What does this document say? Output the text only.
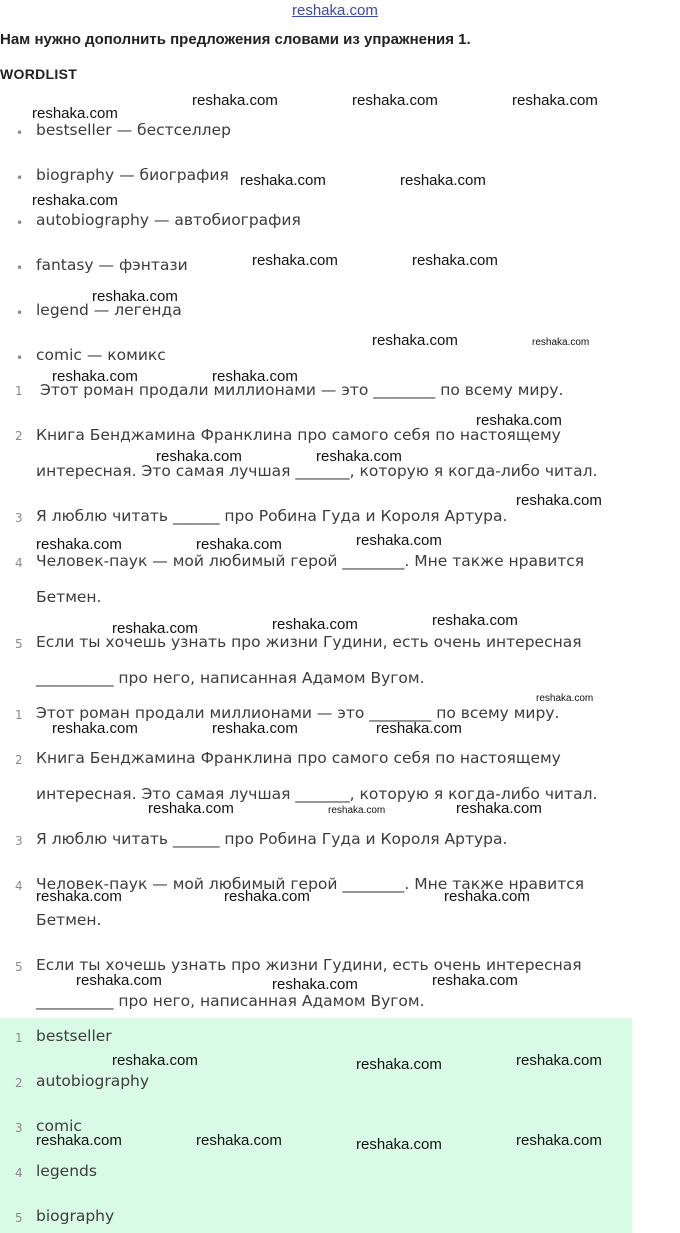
reshaka.com
Нам нужно дополнить предложения словами из упражнения 1.
WORDLIST
• bestseller — бестселлер
• biography — биография
• autobiography — автобиография
• fantasy — фэнтази
• legend — легенда
• comic — комикс
1 Этот роман продали миллионами — это ________ по всему миру.
2 Книга Бенджамина Франклина про самого себя по настоящему
интересная. Это самая лучшая _______, которую я когда-либо читал.
3 Я люблю читать ______ про Робина Гуда и Короля Артура.
4 Человек-паук — мой любимый герой ________. Мне также нравится
Бетмен.
5 Если ты хочешь узнать про жизни Гудини, есть очень интересная
__________ про него, написанная Адамом Вугом.
1 Этот роман продали миллионами — это ________ по всему миру.
2 Книга Бенджамина Франклина про самого себя по настоящему
интересная. Это самая лучшая _______, которую я когда-либо читал.
3 Я люблю читать ______ про Робина Гуда и Короля Артура.
4 Человек-паук — мой любимый герой ________. Мне также нравится
Бетмен.
5 Если ты хочешь узнать про жизни Гудини, есть очень интересная
__________ про него, написанная Адамом Вугом.
1 bestseller
2 autobiography
3 comic
4 legends
5 biography
reshaka.com
reshaka.com	reshaka.com	reshaka.com
reshaka.com	reshaka.com
reshaka.com
reshaka.com	reshaka.com
reshaka.com
reshaka.com	reshaka.com
reshaka.com	reshaka.com
reshaka.com
reshaka.com	reshaka.com
reshaka.com
reshaka.com
reshaka.com	reshaka.com
reshaka.com
reshaka.com
reshaka.com
reshaka.com
reshaka.com	reshaka.com	reshaka.com
reshaka.com	reshaka.com	reshaka.com
reshaka.com	reshaka.com	reshaka.com
reshaka.com	reshaka.com	reshaka.com
reshaka.com	reshaka.com	reshaka.com
reshaka.com	reshaka.com	reshaka.com	reshaka.com
